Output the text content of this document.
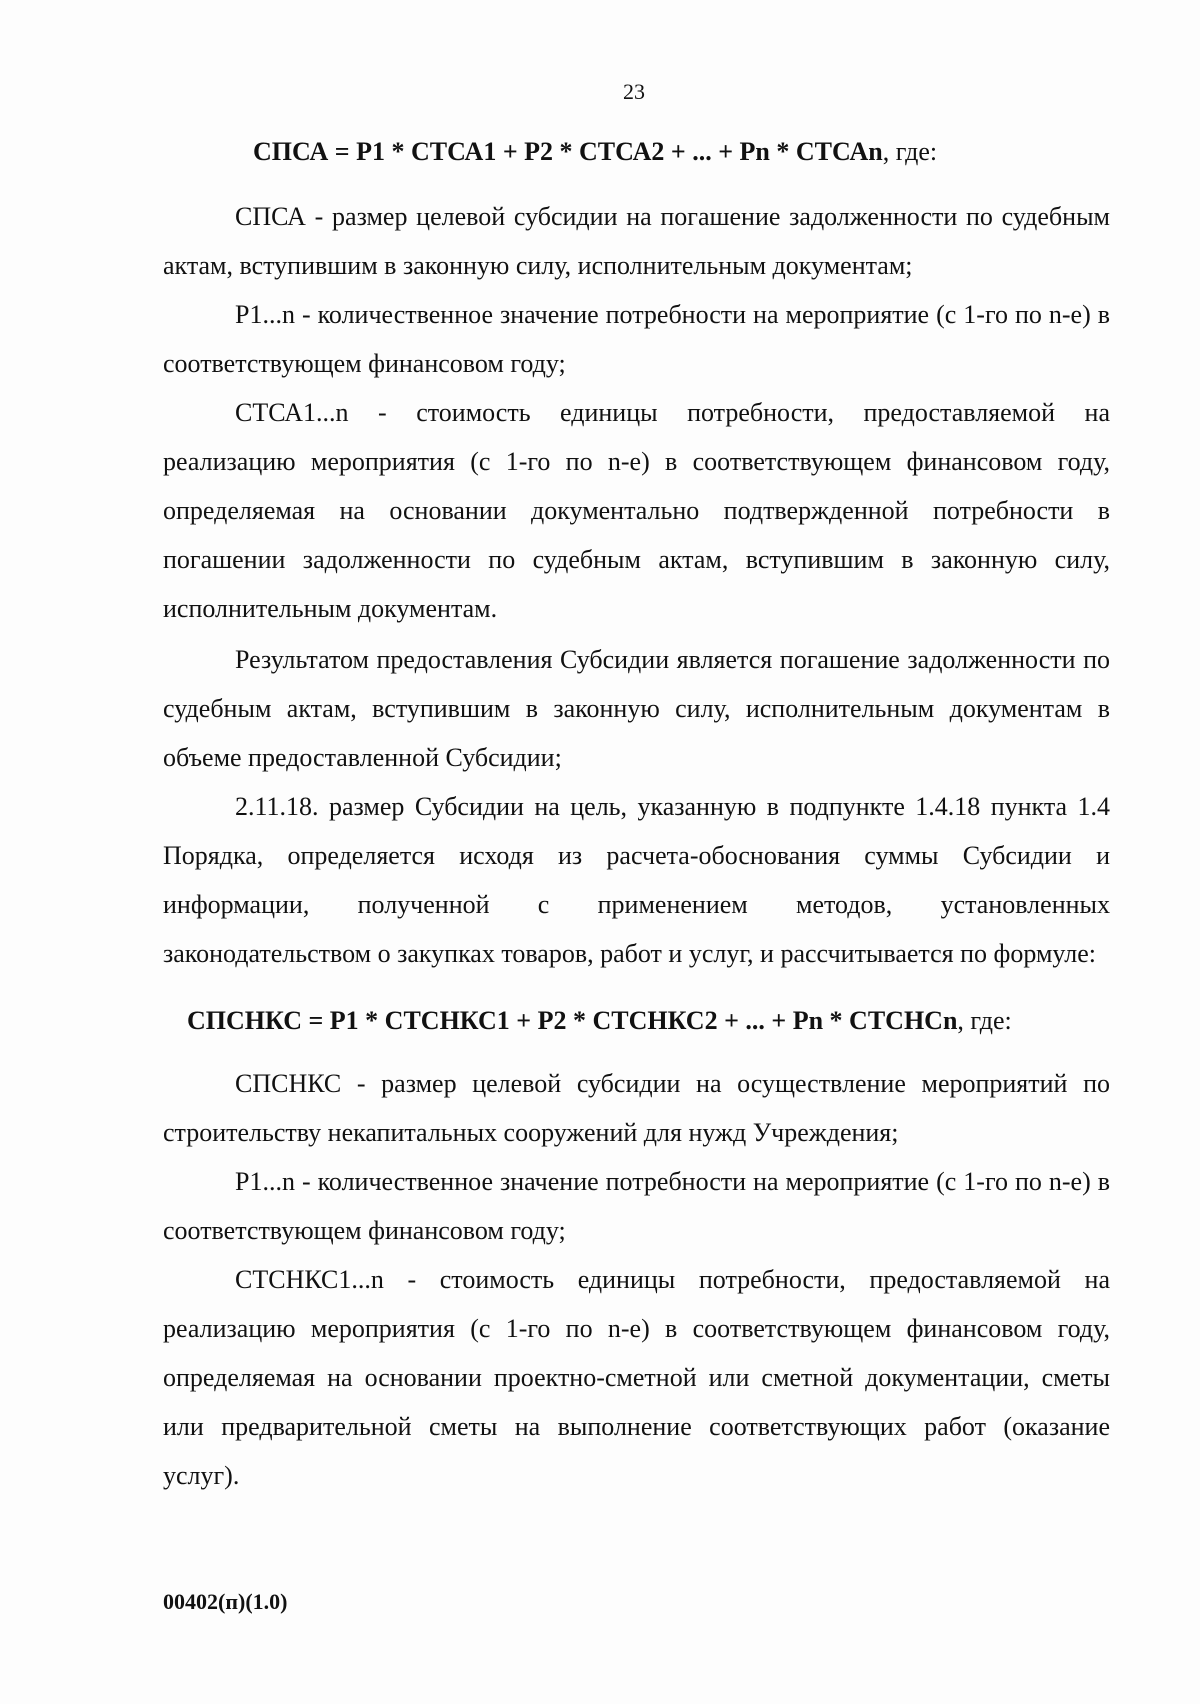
23

СПСА = Р1 * СТСА1 + Р2 * СТСА2 + ... + Рn * СТСАn, где:

СПСА - размер целевой субсидии на погашение задолженности по судебным актам, вступившим в законную силу, исполнительным документам;

Р1...n - количественное значение потребности на мероприятие (с 1-го по n-е) в соответствующем финансовом году;

СТСА1...n - стоимость единицы потребности, предоставляемой на реализацию мероприятия (с 1-го по n-е) в соответствующем финансовом году, определяемая на основании документально подтвержденной потребности в погашении задолженности по судебным актам, вступившим в законную силу, исполнительным документам.

Результатом предоставления Субсидии является погашение задолженности по судебным актам, вступившим в законную силу, исполнительным документам в объеме предоставленной Субсидии;

2.11.18. размер Субсидии на цель, указанную в подпункте 1.4.18 пункта 1.4 Порядка, определяется исходя из расчета-обоснования суммы Субсидии и информации, полученной с применением методов, установленных законодательством о закупках товаров, работ и услуг, и рассчитывается по формуле:

СПСНКС = Р1 * СТСНКС1 + Р2 * СТСНКС2 + ... + Рn * СТСНСn, где:

СПСНКС - размер целевой субсидии на осуществление мероприятий по строительству некапитальных сооружений для нужд Учреждения;

Р1...n - количественное значение потребности на мероприятие (с 1-го по n-е) в соответствующем финансовом году;

СТСНКС1...n - стоимость единицы потребности, предоставляемой на реализацию мероприятия (с 1-го по n-е) в соответствующем финансовом году, определяемая на основании проектно-сметной или сметной документации, сметы или предварительной сметы на выполнение соответствующих работ (оказание услуг).

00402(п)(1.0)
